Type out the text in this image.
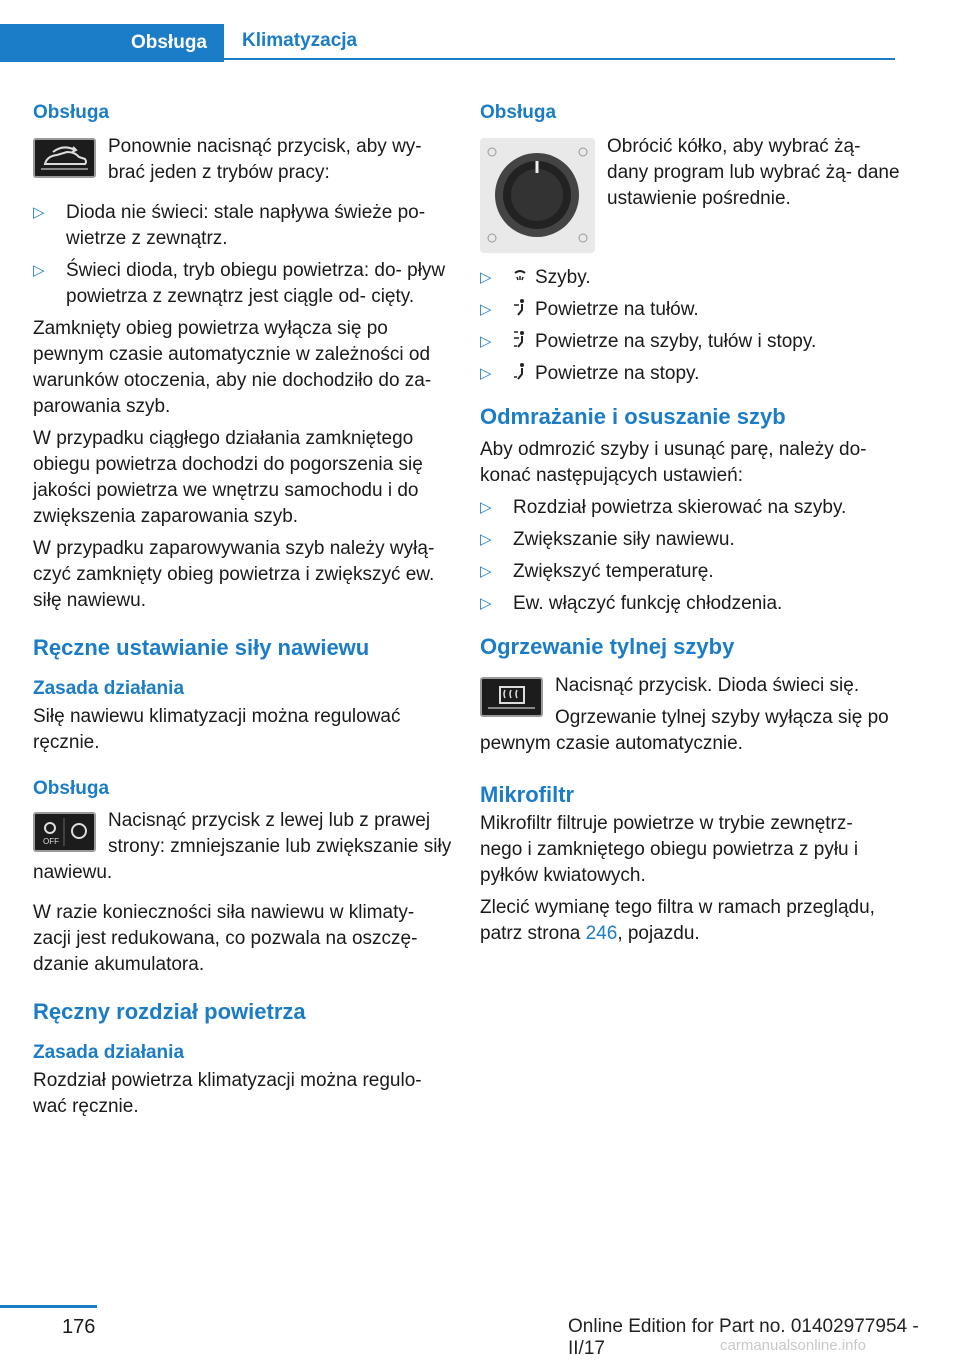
Obsługa	Klimatyzacja
Obsługa
Ponownie nacisnąć przycisk, aby wy- brać jeden z trybów pracy:
▷	Dioda nie świeci: stale napływa świeże po- wietrze z zewnątrz.
▷	Świeci dioda, tryb obiegu powietrza: do- pływ powietrza z zewnątrz jest ciągle od- cięty.

Zamknięty obieg powietrza wyłącza się po pewnym czasie automatycznie w zależności od warunków otoczenia, aby nie dochodziło do za- parowania szyb.

W przypadku ciągłego działania zamkniętego obiegu powietrza dochodzi do pogorszenia się jakości powietrza we wnętrzu samochodu i do zwiększenia zaparowania szyb.

W przypadku zaparowywania szyb należy wyłą- czyć zamknięty obieg powietrza i zwiększyć ew. siłę nawiewu.

Ręczne ustawianie siły nawiewu
Zasada działania

Siłę nawiewu klimatyzacji można regulować ręcznie.

Obsługa
OFF
Nacisnąć przycisk z lewej lub z prawej strony: zmniejszanie lub zwiększanie siły nawiewu.

W razie konieczności siła nawiewu w klimaty- zacji jest redukowana, co pozwala na oszczę- dzanie akumulatora.

Ręczny rozdział powietrza
Zasada działania

Rozdział powietrza klimatyzacji można regulo- wać ręcznie.

Obsługa
Obrócić kółko, aby wybrać żą- dany program lub wybrać żą- dane ustawienie pośrednie.
▷	Szyby.
▷	Powietrze na tułów.
▷	Powietrze na szyby, tułów i stopy.
▷	Powietrze na stopy.
Odmrażanie i osuszanie szyb

Aby odmrozić szyby i usunąć parę, należy do- konać następujących ustawień:

▷	Rozdział powietrza skierować na szyby.
▷	Zwiększanie siły nawiewu.
▷	Zwiększyć temperaturę.
▷	Ew. włączyć funkcję chłodzenia.
Ogrzewanie tylnej szyby

Nacisnąć przycisk. Dioda świeci się.

Ogrzewanie tylnej szyby wyłącza się po pewnym czasie automatycznie.

Mikrofiltr

Mikrofiltr filtruje powietrze w trybie zewnętrz- nego i zamkniętego obiegu powietrza z pyłu i pyłków kwiatowych.

Zlecić wymianę tego filtra w ramach przeglądu, patrz strona 246, pojazdu.

176	Online Edition for Part no. 01402977954 - II/17	carmanualsonline.info
